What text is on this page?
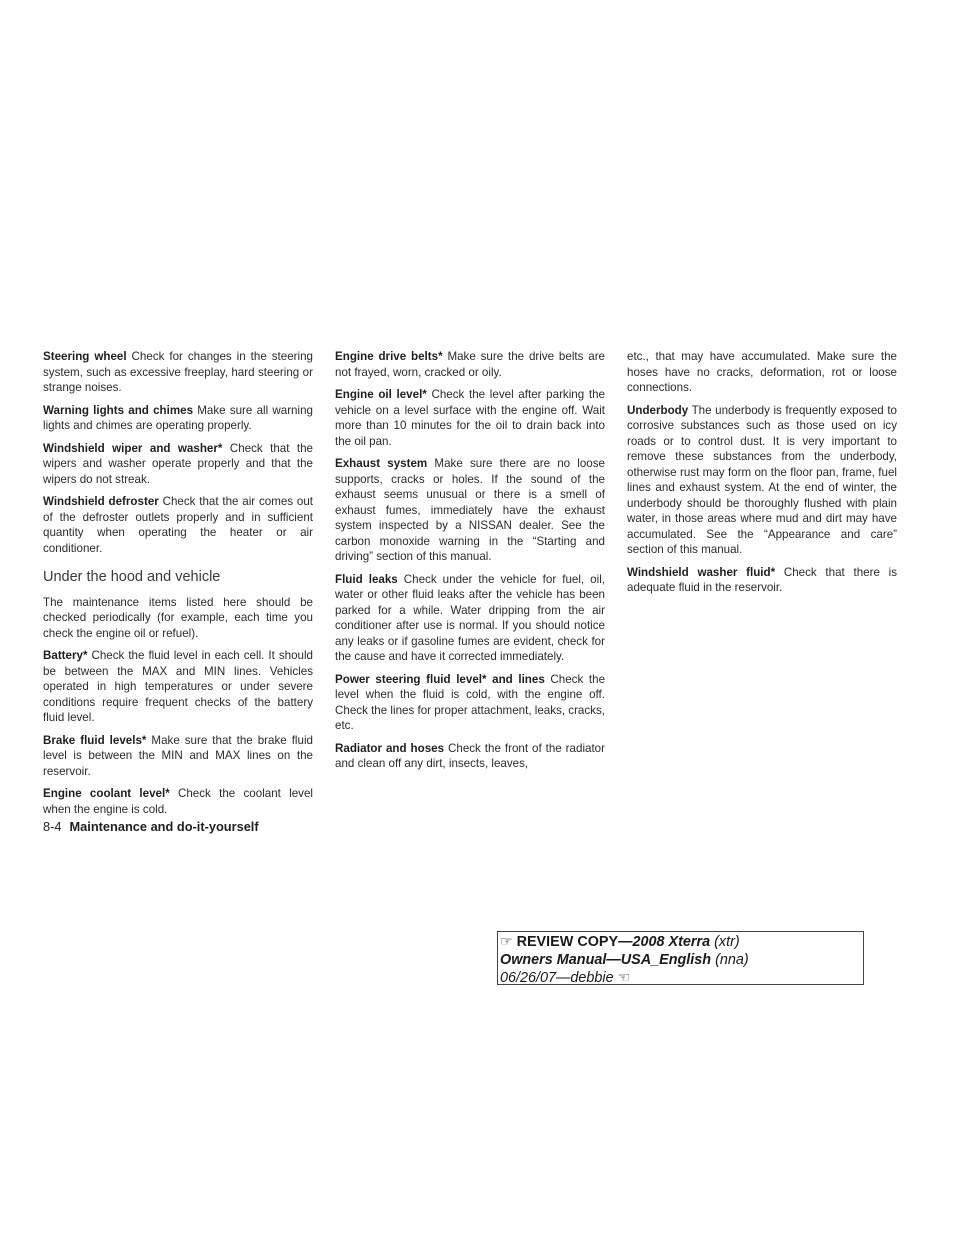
Steering wheel Check for changes in the steering system, such as excessive freeplay, hard steering or strange noises.

Warning lights and chimes Make sure all warning lights and chimes are operating properly.

Windshield wiper and washer* Check that the wipers and washer operate properly and that the wipers do not streak.

Windshield defroster Check that the air comes out of the defroster outlets properly and in sufficient quantity when operating the heater or air conditioner.

Under the hood and vehicle

The maintenance items listed here should be checked periodically (for example, each time you check the engine oil or refuel).

Battery* Check the fluid level in each cell. It should be between the MAX and MIN lines. Vehicles operated in high temperatures or under severe conditions require frequent checks of the battery fluid level.

Brake fluid levels* Make sure that the brake fluid level is between the MIN and MAX lines on the reservoir.

Engine coolant level* Check the coolant level when the engine is cold.

Engine drive belts* Make sure the drive belts are not frayed, worn, cracked or oily.

Engine oil level* Check the level after parking the vehicle on a level surface with the engine off. Wait more than 10 minutes for the oil to drain back into the oil pan.

Exhaust system Make sure there are no loose supports, cracks or holes. If the sound of the exhaust seems unusual or there is a smell of exhaust fumes, immediately have the exhaust system inspected by a NISSAN dealer. See the carbon monoxide warning in the “Starting and driving” section of this manual.

Fluid leaks Check under the vehicle for fuel, oil, water or other fluid leaks after the vehicle has been parked for a while. Water dripping from the air conditioner after use is normal. If you should notice any leaks or if gasoline fumes are evident, check for the cause and have it corrected immediately.

Power steering fluid level* and lines Check the level when the fluid is cold, with the engine off. Check the lines for proper attachment, leaks, cracks, etc.

Radiator and hoses Check the front of the radiator and clean off any dirt, insects, leaves,

etc., that may have accumulated. Make sure the hoses have no cracks, deformation, rot or loose connections.

Underbody The underbody is frequently exposed to corrosive substances such as those used on icy roads or to control dust. It is very important to remove these substances from the underbody, otherwise rust may form on the floor pan, frame, fuel lines and exhaust system. At the end of winter, the underbody should be thoroughly flushed with plain water, in those areas where mud and dirt may have accumulated. See the “Appearance and care” section of this manual.

Windshield washer fluid* Check that there is adequate fluid in the reservoir.

8-4 Maintenance and do-it-yourself
☞ REVIEW COPY—2008 Xterra (xtr)
Owners Manual—USA_English (nna)
06/26/07—debbie ☜
